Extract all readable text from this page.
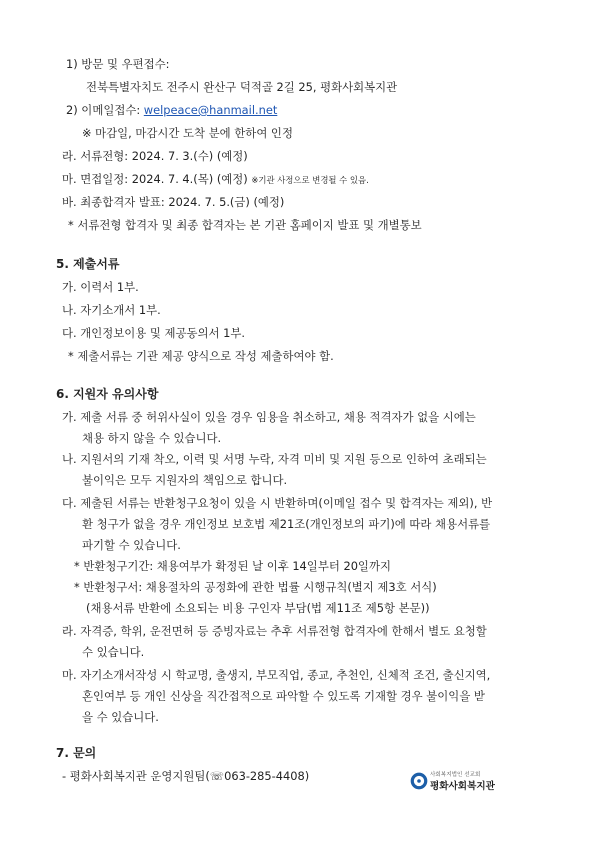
1) 방문 및 우편접수:
전북특별자치도 전주시 완산구 덕적골 2길 25, 평화사회복지관
2) 이메일접수: welpeace@hanmail.net
※ 마감일, 마감시간 도착 분에 한하여 인정
라. 서류전형: 2024. 7. 3.(수) (예정)
마. 면접일정: 2024. 7. 4.(목) (예정) ※기관 사정으로 변경될 수 있음.
바. 최종합격자 발표: 2024. 7. 5.(금) (예정)
* 서류전형 합격자 및 최종 합격자는 본 기관 홈페이지 발표 및 개별통보
5. 제출서류
가. 이력서 1부.
나. 자기소개서 1부.
다. 개인정보이용 및 제공동의서 1부.
* 제출서류는 기관 제공 양식으로 작성 제출하여야 함.
6. 지원자 유의사항
가. 제출 서류 중 허위사실이 있을 경우 임용을 취소하고, 채용 적격자가 없을 시에는
채용 하지 않을 수 있습니다.
나. 지원서의 기재 착오, 이력 및 서명 누락, 자격 미비 및 지원 등으로 인하여 초래되는
불이익은 모두 지원자의 책임으로 합니다.
다. 제출된 서류는 반환청구요청이 있을 시 반환하며(이메일 접수 및 합격자는 제외), 반
환 청구가 없을 경우 개인정보 보호법 제21조(개인정보의 파기)에 따라 채용서류를
파기할 수 있습니다.
* 반환청구기간: 채용여부가 확정된 날 이후 14일부터 20일까지
* 반환청구서: 채용절차의 공정화에 관한 법률 시행규칙(별지 제3호 서식)
(채용서류 반환에 소요되는 비용 구인자 부담(법 제11조 제5항 본문))
라. 자격증, 학위, 운전면허 등 증빙자료는 추후 서류전형 합격자에 한해서 별도 요청할
수 있습니다.
마. 자기소개서작성 시 학교명, 출생지, 부모직업, 종교, 추천인, 신체적 조건, 출신지역,
혼인여부 등 개인 신상을 직간접적으로 파악할 수 있도록 기재할 경우 불이익을 받
을 수 있습니다.
7. 문의
- 평화사회복지관 운영지원팀(☏063-285-4408)	사회복지법인 선교회
평화사회복지관
